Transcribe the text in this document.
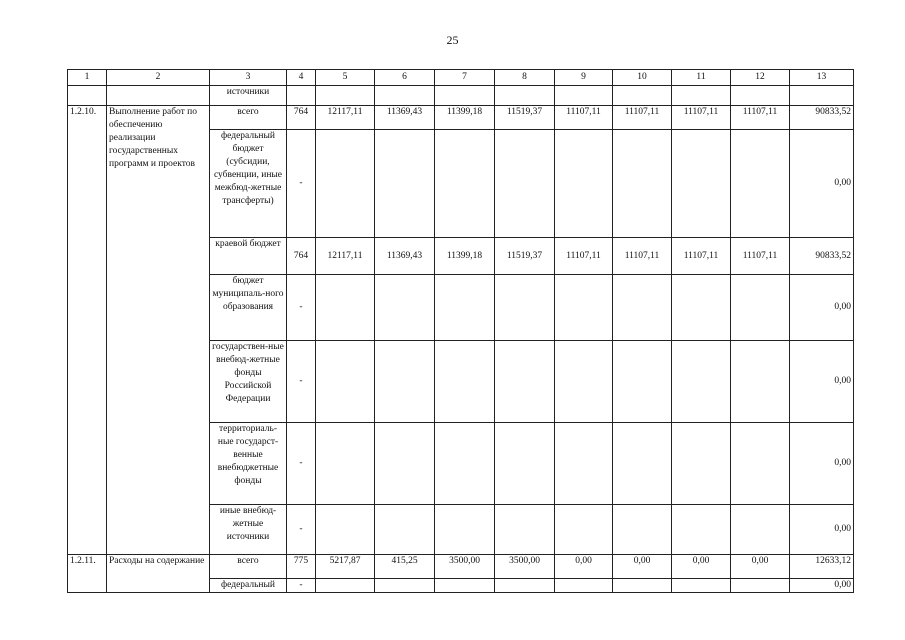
25
1	2	3	4	5	6	7	8	9	10	11	12	13
		источники										
1.2.10.	Выполнение работ по обеспечению реализации государственных программ и проектов	всего	764	12117,11	11369,43	11399,18	11519,37	11107,11	11107,11	11107,11	11107,11	90833,52
		федеральный бюджет (субсидии, субвенции, иные межбюд-жетные трансферты)	-									0,00
		краевой бюджет	764	12117,11	11369,43	11399,18	11519,37	11107,11	11107,11	11107,11	11107,11	90833,52
		бюджет муниципаль-ного образования	-									0,00
		государствен-ные внебюд-жетные фонды Российской Федерации	-									0,00
		территориаль-ные государст-венные внебюджетные фонды	-									0,00
		иные внебюд-жетные источники	-									0,00
1.2.11.	Расходы на содержание	всего	775	5217,87	415,25	3500,00	3500,00	0,00	0,00	0,00	0,00	12633,12
		федеральный	-									0,00
